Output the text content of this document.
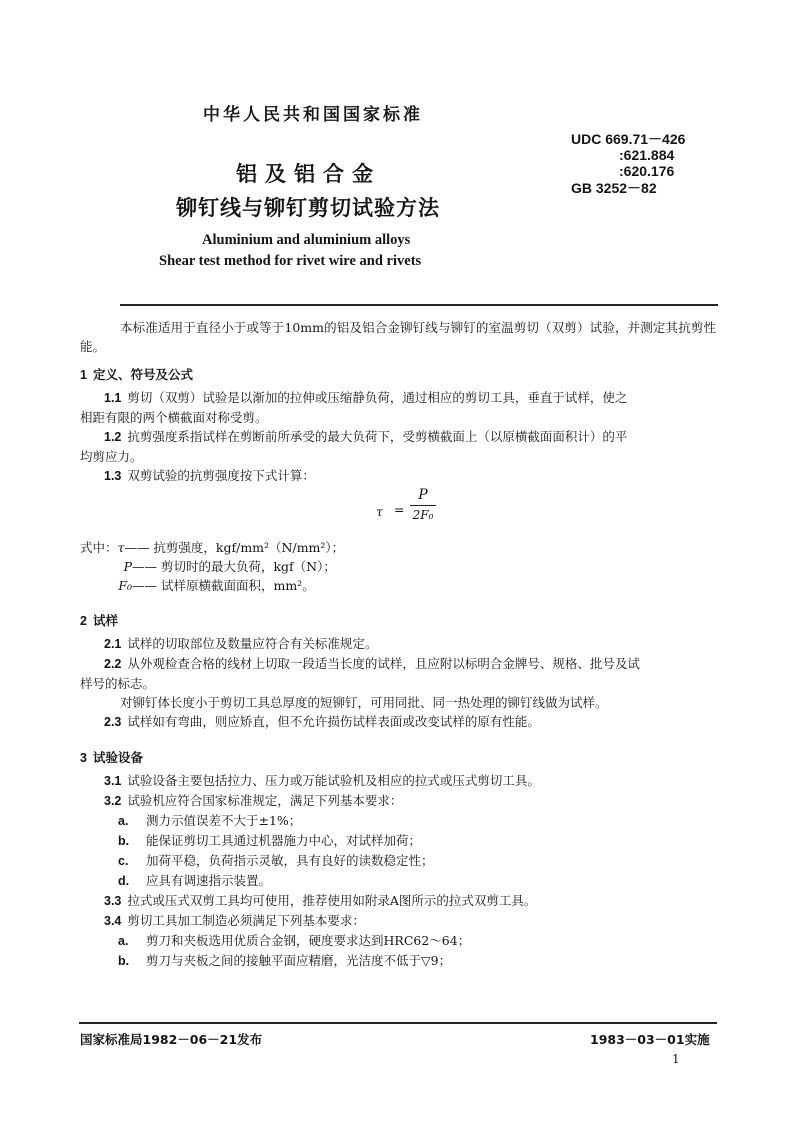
中华人民共和国国家标准
UDC 669.71－426
:621.884
:620.176
GB 3252－82
铝及铝合金
铆钉线与铆钉剪切试验方法
Aluminium and aluminium alloys
Shear test method for rivet wire and rivets

本标准适用于直径小于或等于10mm的铝及铝合金铆钉线与铆钉的室温剪切（双剪）试验，并测定其抗剪性能。

1 定义、符号及公式

1.1 剪切（双剪）试验是以渐加的拉伸或压缩静负荷，通过相应的剪切工具，垂直于试样，使之

相距有限的两个横截面对称受剪。

1.2 抗剪强度系指试样在剪断前所承受的最大负荷下，受剪横截面上（以原横截面面积计）的平

均剪应力。

1.3 双剪试验的抗剪强度按下式计算：

τ =
P
2F₀

式中：τ—— 抗剪强度，kgf/mm²（N/mm²）；

P—— 剪切时的最大负荷，kgf（N）；

F₀—— 试样原横截面面积，mm²。

2 试样

2.1 试样的切取部位及数量应符合有关标准规定。

2.2 从外观检查合格的线材上切取一段适当长度的试样，且应附以标明合金牌号、规格、批号及试

样号的标志。

对铆钉体长度小于剪切工具总厚度的短铆钉，可用同批、同一热处理的铆钉线做为试样。

2.3 试样如有弯曲，则应矫直，但不允许损伤试样表面或改变试样的原有性能。

3 试验设备

3.1 试验设备主要包括拉力、压力或万能试验机及相应的拉式或压式剪切工具。

3.2 试验机应符合国家标准规定，满足下列基本要求：

a. 测力示值误差不大于±1%；

b. 能保证剪切工具通过机器施力中心，对试样加荷；

c. 加荷平稳，负荷指示灵敏，具有良好的读数稳定性；

d. 应具有调速指示装置。

3.3 拉式或压式双剪工具均可使用，推荐使用如附录A图所示的拉式双剪工具。

3.4 剪切工具加工制造必须满足下列基本要求：

a. 剪刀和夹板选用优质合金钢，硬度要求达到HRC62～64；

b. 剪刀与夹板之间的接触平面应精磨，光洁度不低于▽9；

国家标准局1982－06－21发布	1983－03－01实施
1
